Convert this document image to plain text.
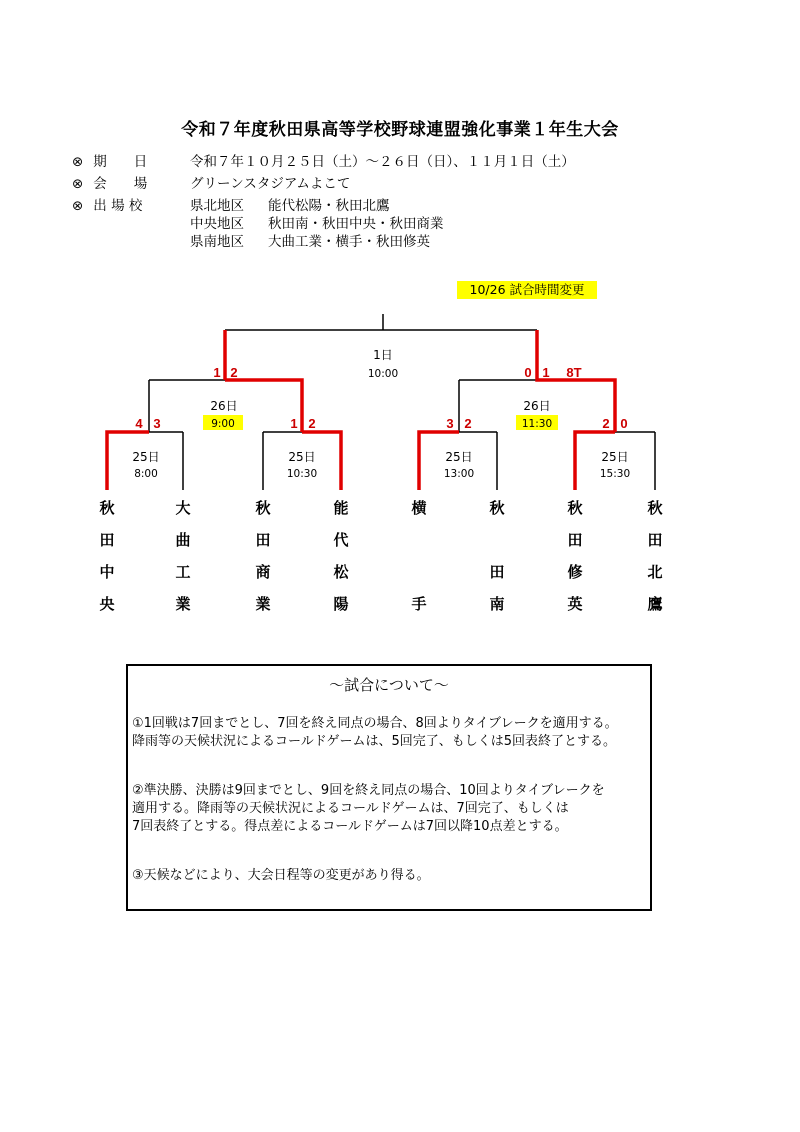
令和７年度秋田県高等学校野球連盟強化事業１年生大会
⊗ 期　　日	令和７年１０月２５日（土）～２６日（日）、１１月１日（土）
⊗ 会　　場	グリーンスタジアムよこて
⊗ 出 場 校	県北地区 能代松陽・秋田北鷹
中央地区 秋田南・秋田中央・秋田商業
県南地区 大曲工業・横手・秋田修英
10/26 試合時間変更
1日
10:00
1 2
26日
9:00
0 1 8T
26日
11:30
4 3	1 2	3 2	2 0
25日
8:00
25日
10:30
25日
13:00
25日
15:30
秋
田
中
央
大
曲
工
業
秋
田
商
業
能
代
松
陽
横
手
秋
田
南
秋
田
修
英
秋
田
北
鷹
～試合について～

①1回戦は7回までとし、7回を終え同点の場合、8回よりタイブレークを適用する。

降雨等の天候状況によるコールドゲームは、5回完了、もしくは5回表終了とする。

②準決勝、決勝は9回までとし、9回を終え同点の場合、10回よりタイブレークを

適用する。降雨等の天候状況によるコールドゲームは、7回完了、もしくは

7回表終了とする。得点差によるコールドゲームは7回以降10点差とする。

③天候などにより、大会日程等の変更があり得る。
